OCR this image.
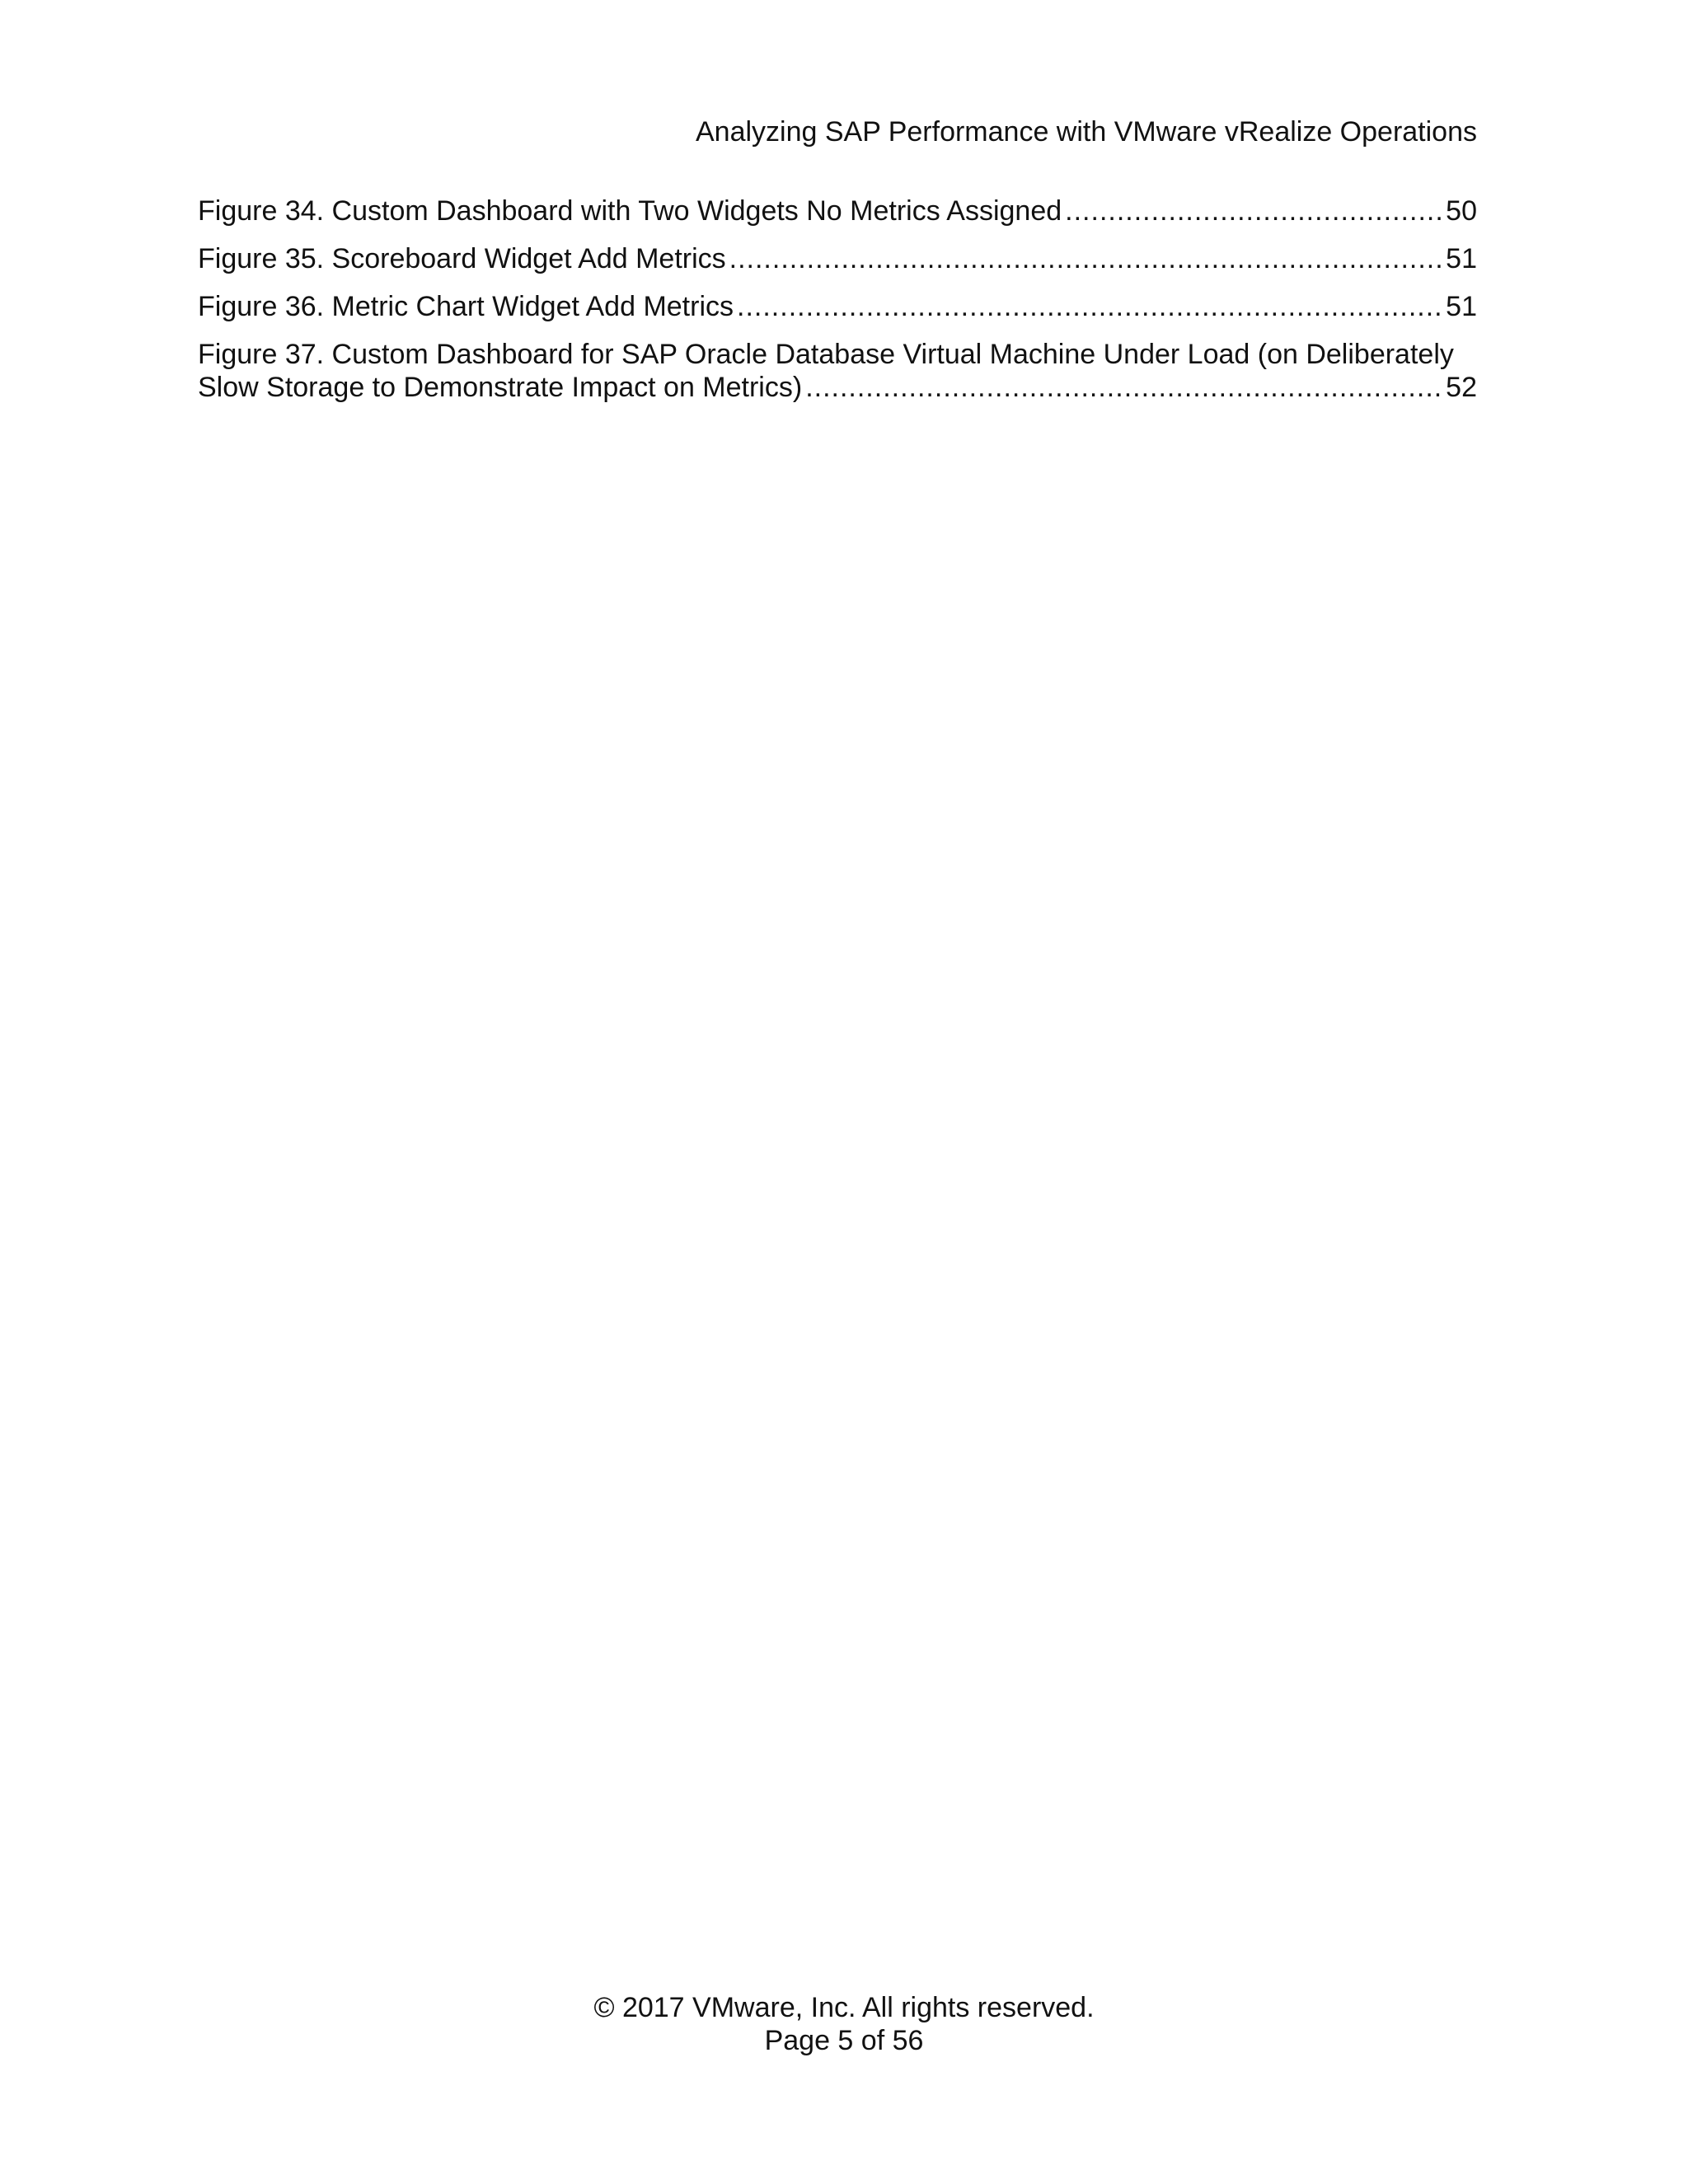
Analyzing SAP Performance with VMware vRealize Operations
Figure 34. Custom Dashboard with Two Widgets No Metrics Assigned .....	50
Figure 35. Scoreboard Widget Add Metrics .....	51
Figure 36. Metric Chart Widget Add Metrics .....	51
Figure 37. Custom Dashboard for SAP Oracle Database Virtual Machine Under Load (on Deliberately
Slow Storage to Demonstrate Impact on Metrics) .....	52
© 2017 VMware, Inc. All rights reserved.
Page 5 of 56
